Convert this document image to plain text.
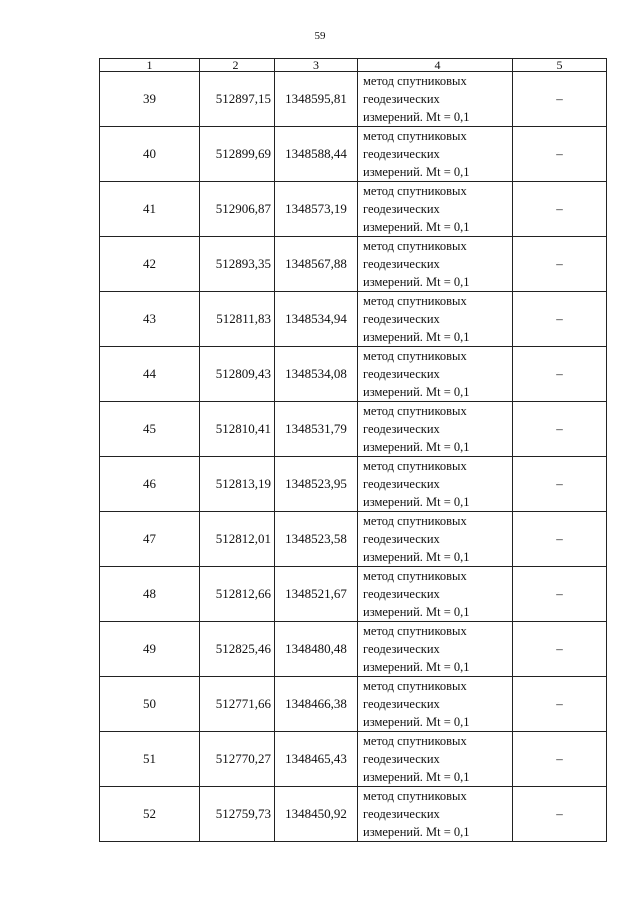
59
1	2	3	4	5
39	512897,15	1348595,81	метод спутниковых
геодезических
измерений. Mt = 0,1	–
40	512899,69	1348588,44	метод спутниковых
геодезических
измерений. Mt = 0,1	–
41	512906,87	1348573,19	метод спутниковых
геодезических
измерений. Mt = 0,1	–
42	512893,35	1348567,88	метод спутниковых
геодезических
измерений. Mt = 0,1	–
43	512811,83	1348534,94	метод спутниковых
геодезических
измерений. Mt = 0,1	–
44	512809,43	1348534,08	метод спутниковых
геодезических
измерений. Mt = 0,1	–
45	512810,41	1348531,79	метод спутниковых
геодезических
измерений. Mt = 0,1	–
46	512813,19	1348523,95	метод спутниковых
геодезических
измерений. Mt = 0,1	–
47	512812,01	1348523,58	метод спутниковых
геодезических
измерений. Mt = 0,1	–
48	512812,66	1348521,67	метод спутниковых
геодезических
измерений. Mt = 0,1	–
49	512825,46	1348480,48	метод спутниковых
геодезических
измерений. Mt = 0,1	–
50	512771,66	1348466,38	метод спутниковых
геодезических
измерений. Mt = 0,1	–
51	512770,27	1348465,43	метод спутниковых
геодезических
измерений. Mt = 0,1	–
52	512759,73	1348450,92	метод спутниковых
геодезических
измерений. Mt = 0,1	–
